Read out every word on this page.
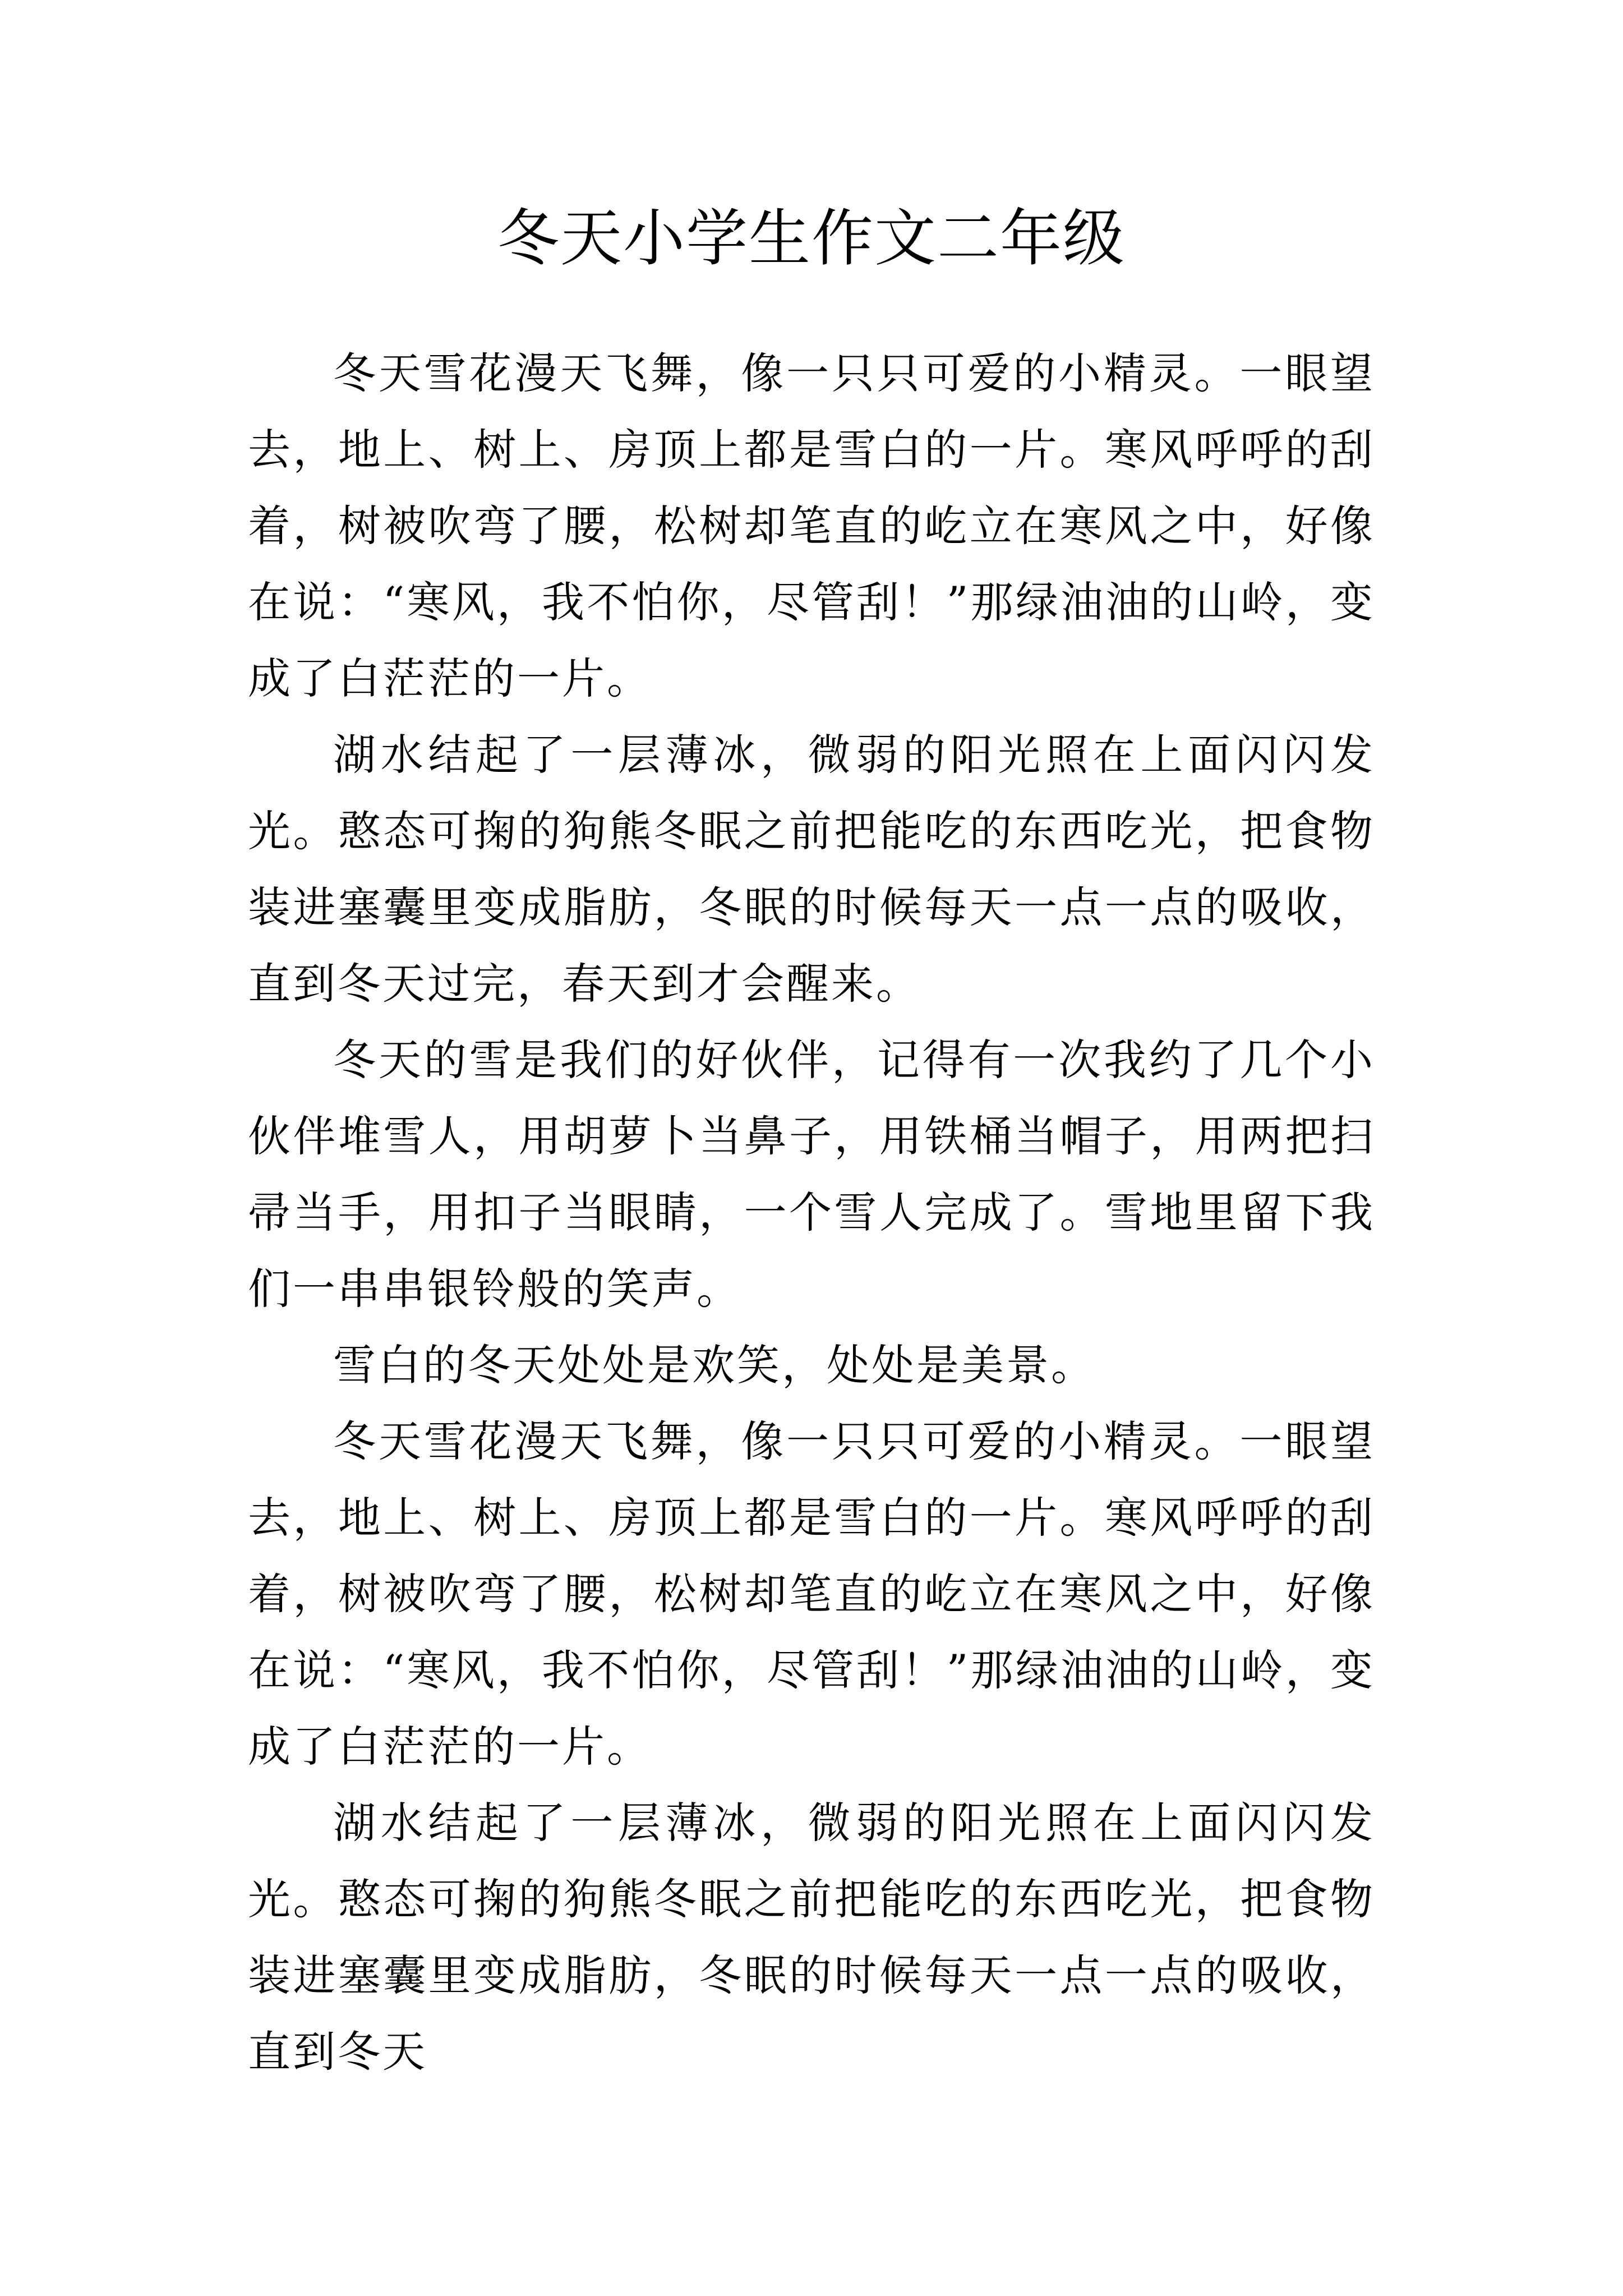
冬天小学生作文二年级

冬天雪花漫天飞舞，像一只只可爱的小精灵。一眼望去，地上、树上、房顶上都是雪白的一片。寒风呼呼的刮着，树被吹弯了腰，松树却笔直的屹立在寒风之中，好像在说：“寒风，我不怕你，尽管刮！”那绿油油的山岭，变成了白茫茫的一片。

湖水结起了一层薄冰，微弱的阳光照在上面闪闪发光。憨态可掬的狗熊冬眠之前把能吃的东西吃光，把食物装进塞囊里变成脂肪，冬眠的时候每天一点一点的吸收，直到冬天过完，春天到才会醒来。

冬天的雪是我们的好伙伴，记得有一次我约了几个小伙伴堆雪人，用胡萝卜当鼻子，用铁桶当帽子，用两把扫帚当手，用扣子当眼睛，一个雪人完成了。雪地里留下我们一串串银铃般的笑声。

雪白的冬天处处是欢笑，处处是美景。

冬天雪花漫天飞舞，像一只只可爱的小精灵。一眼望去，地上、树上、房顶上都是雪白的一片。寒风呼呼的刮着，树被吹弯了腰，松树却笔直的屹立在寒风之中，好像在说：“寒风，我不怕你，尽管刮！”那绿油油的山岭，变成了白茫茫的一片。

湖水结起了一层薄冰，微弱的阳光照在上面闪闪发光。憨态可掬的狗熊冬眠之前把能吃的东西吃光，把食物装进塞囊里变成脂肪，冬眠的时候每天一点一点的吸收，直到冬天
